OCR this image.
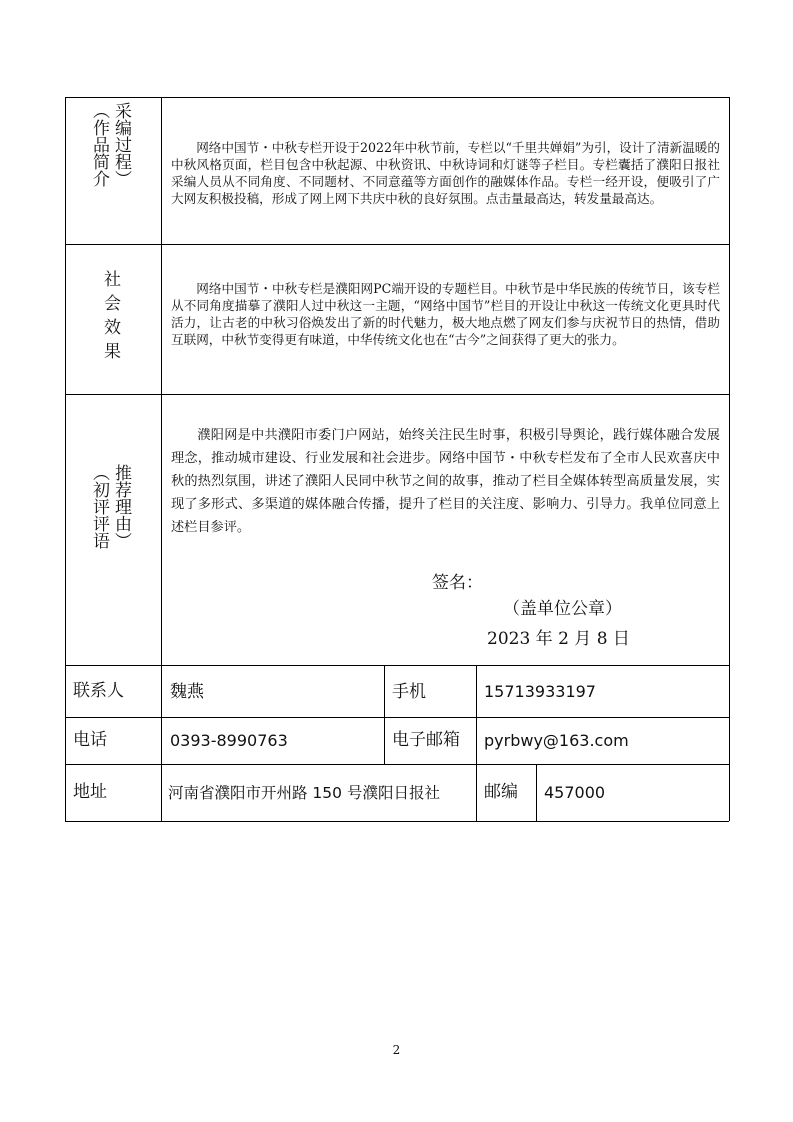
（作品简介 采编过程）	网络中国节・中秋专栏开设于2022年中秋节前，专栏以“千里共婵娟”为引，设计了清新温暖的中秋风格页面，栏目包含中秋起源、中秋资讯、中秋诗词和灯谜等子栏目。专栏囊括了濮阳日报社采编人员从不同角度、不同题材、不同意蕴等方面创作的融媒体作品。专栏一经开设，便吸引了广大网友积极投稿，形成了网上网下共庆中秋的良好氛围。点击量最高达，转发量最高达。

社会效果	网络中国节・中秋专栏是濮阳网PC端开设的专题栏目。中秋节是中华民族的传统节日，该专栏从不同角度描摹了濮阳人过中秋这一主题，“网络中国节”栏目的开设让中秋这一传统文化更具时代活力，让古老的中秋习俗焕发出了新的时代魅力，极大地点燃了网友们参与庆祝节日的热情，借助互联网，中秋节变得更有味道，中华传统文化也在“古今”之间获得了更大的张力。

（初评评语 推荐理由）

濮阳网是中共濮阳市委门户网站，始终关注民生时事，积极引导舆论，践行媒体融合发展理念，推动城市建设、行业发展和社会进步。网络中国节・中秋专栏发布了全市人民欢喜庆中秋的热烈氛围，讲述了濮阳人民同中秋节之间的故事，推动了栏目全媒体转型高质量发展，实现了多形式、多渠道的媒体融合传播，提升了栏目的关注度、影响力、引导力。我单位同意上述栏目参评。

签名：
（盖单位公章）
2023 年 2 月 8 日
联系人	魏燕	手机	15713933197
电话	0393-8990763	电子邮箱 pyrbwy@163.com
地址	河南省濮阳市开州路 150 号濮阳日报社	邮编 457000
2
